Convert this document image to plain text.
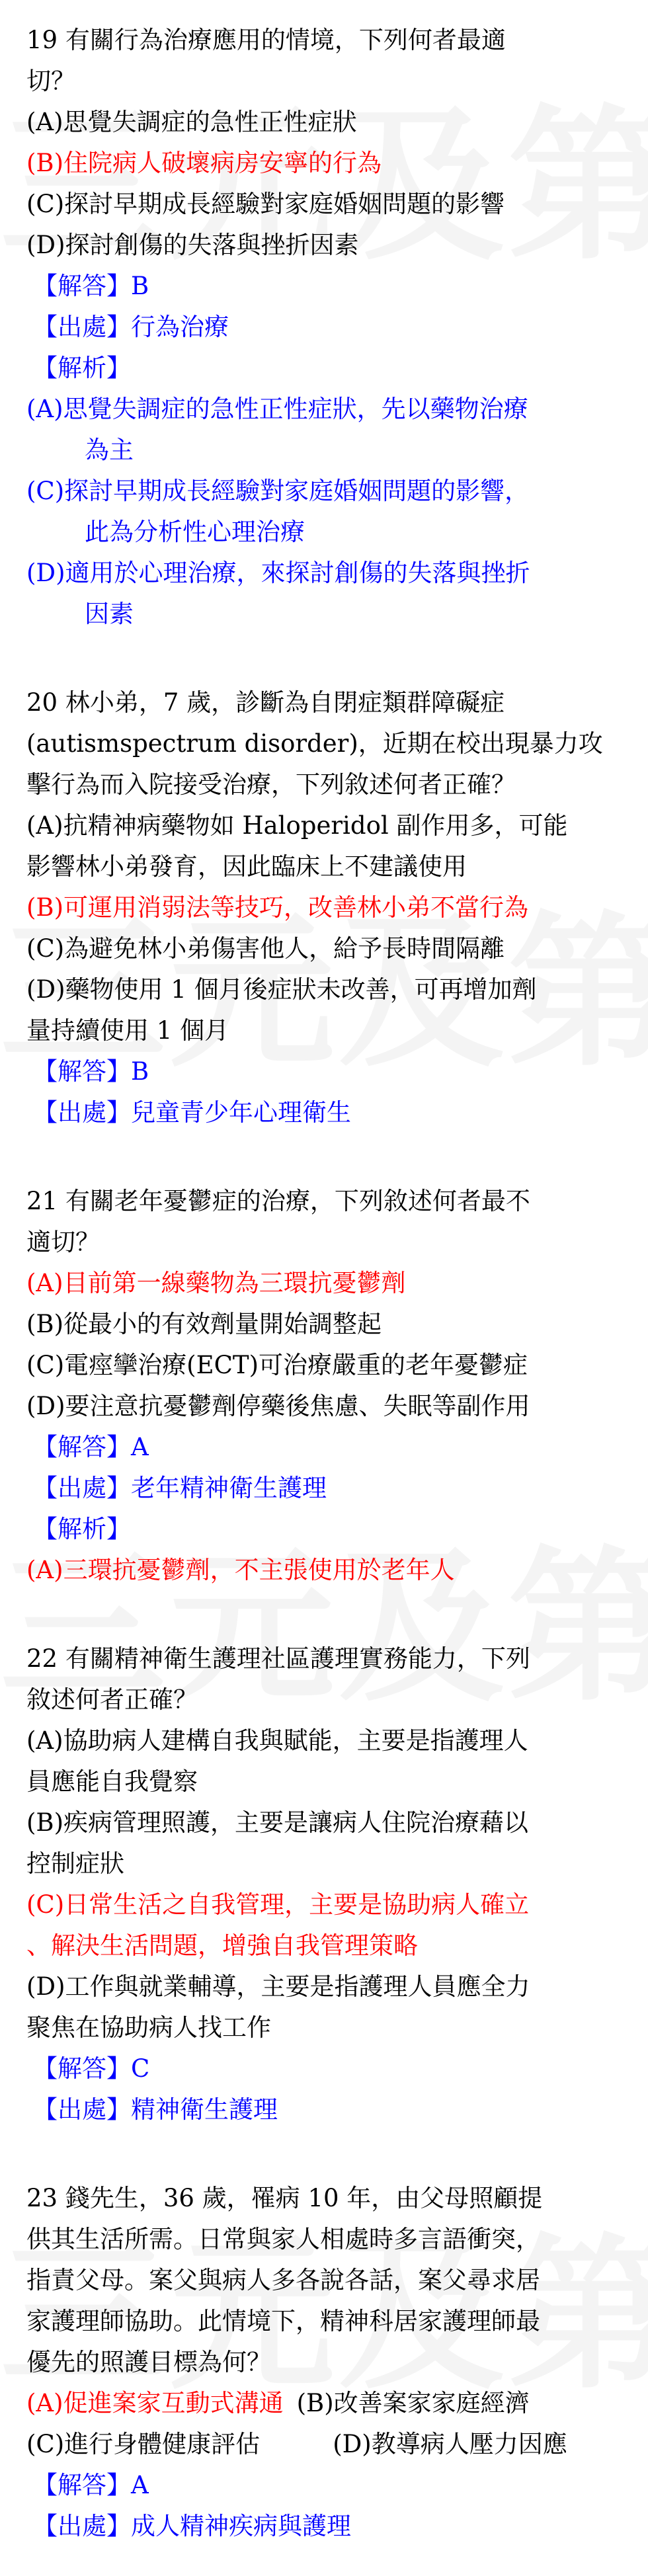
19 有關行為治療應用的情境，下列何者最適
切？
(A)思覺失調症的急性正性症狀
(B)住院病人破壞病房安寧的行為
(C)探討早期成長經驗對家庭婚姻問題的影響
(D)探討創傷的失落與挫折因素
【解答】B
【出處】行為治療
【解析】
(A)思覺失調症的急性正性症狀，先以藥物治療
為主
(C)探討早期成長經驗對家庭婚姻問題的影響，
此為分析性心理治療
(D)適用於心理治療，來探討創傷的失落與挫折
因素
20 林小弟，7 歲，診斷為自閉症類群障礙症
(autismspectrum disorder)，近期在校出現暴力攻
擊行為而入院接受治療，下列敘述何者正確？
(A)抗精神病藥物如 Haloperidol 副作用多，可能
影響林小弟發育，因此臨床上不建議使用
(B)可運用消弱法等技巧，改善林小弟不當行為
(C)為避免林小弟傷害他人，給予長時間隔離
(D)藥物使用 1 個月後症狀未改善，可再增加劑
量持續使用 1 個月
【解答】B
【出處】兒童青少年心理衛生
21 有關老年憂鬱症的治療，下列敘述何者最不
適切？
(A)目前第一線藥物為三環抗憂鬱劑
(B)從最小的有效劑量開始調整起
(C)電痙攣治療(ECT)可治療嚴重的老年憂鬱症
(D)要注意抗憂鬱劑停藥後焦慮、失眠等副作用
【解答】A
【出處】老年精神衛生護理
【解析】
(A)三環抗憂鬱劑，不主張使用於老年人
22 有關精神衛生護理社區護理實務能力，下列
敘述何者正確？
(A)協助病人建構自我與賦能，主要是指護理人
員應能自我覺察
(B)疾病管理照護，主要是讓病人住院治療藉以
控制症狀
(C)日常生活之自我管理，主要是協助病人確立
、解決生活問題，增強自我管理策略
(D)工作與就業輔導，主要是指護理人員應全力
聚焦在協助病人找工作
【解答】C
【出處】精神衛生護理
23 錢先生，36 歲，罹病 10 年，由父母照顧提
供其生活所需。日常與家人相處時多言語衝突，
指責父母。案父與病人多各說各話，案父尋求居
家護理師協助。此情境下，精神科居家護理師最
優先的照護目標為何？
(A)促進案家互動式溝通 (B)改善案家家庭經濟
(C)進行身體健康評估	(D)教導病人壓力因應
【解答】A
【出處】成人精神疾病與護理
